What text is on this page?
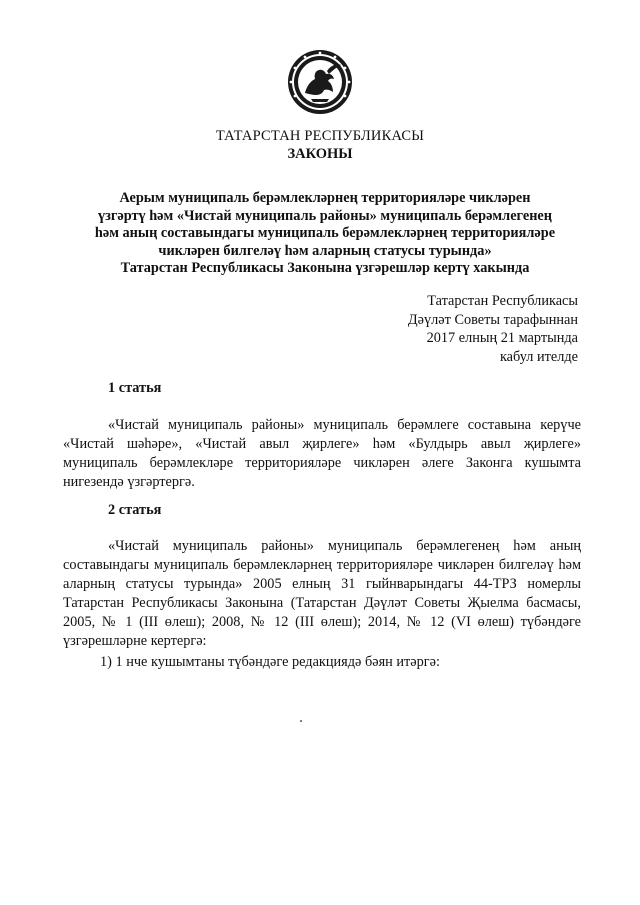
ТАТАРСТАН РЕСПУБЛИКАСЫ
ЗАКОНЫ
Аерым муниципаль берәмлекләрнең территорияләре чикләрен
үзгәртү һәм «Чистай муниципаль районы» муниципаль берәмлегенең
һәм аның составындагы муниципаль берәмлекләрнең территорияләре
чикләрен билгеләү һәм аларның статусы турында»
Татарстан Республикасы Законына үзгәрешләр кертү хакында
Татарстан Республикасы
Дәүләт Советы тарафыннан
2017 елның 21 мартында
кабул ителде
1 статья
«Чистай муниципаль районы» муниципаль берәмлеге составына керүче
«Чистай шәһәре», «Чистай авыл җирлеге» һәм «Булдырь авыл җирлеге»
муниципаль берәмлекләре территорияләре чикләрен әлеге Законга кушымта
нигезендә үзгәртергә.
2 статья
«Чистай муниципаль районы» муниципаль берәмлегенең һәм аның
составындагы муниципаль берәмлекләрнең территорияләре чикләрен билгеләү һәм
аларның статусы турында» 2005 елның 31 гыйнварындагы 44-ТРЗ номерлы
Татарстан Республикасы Законына (Татарстан Дәүләт Советы Җыелма басмасы,
2005, № 1 (III өлеш); 2008, № 12 (III өлеш); 2014, № 12 (VI өлеш) түбәндәге
үзгәрешләрне кертергә:
1) 1 нче кушымтаны түбәндәге редакциядә бәян итәргә:
